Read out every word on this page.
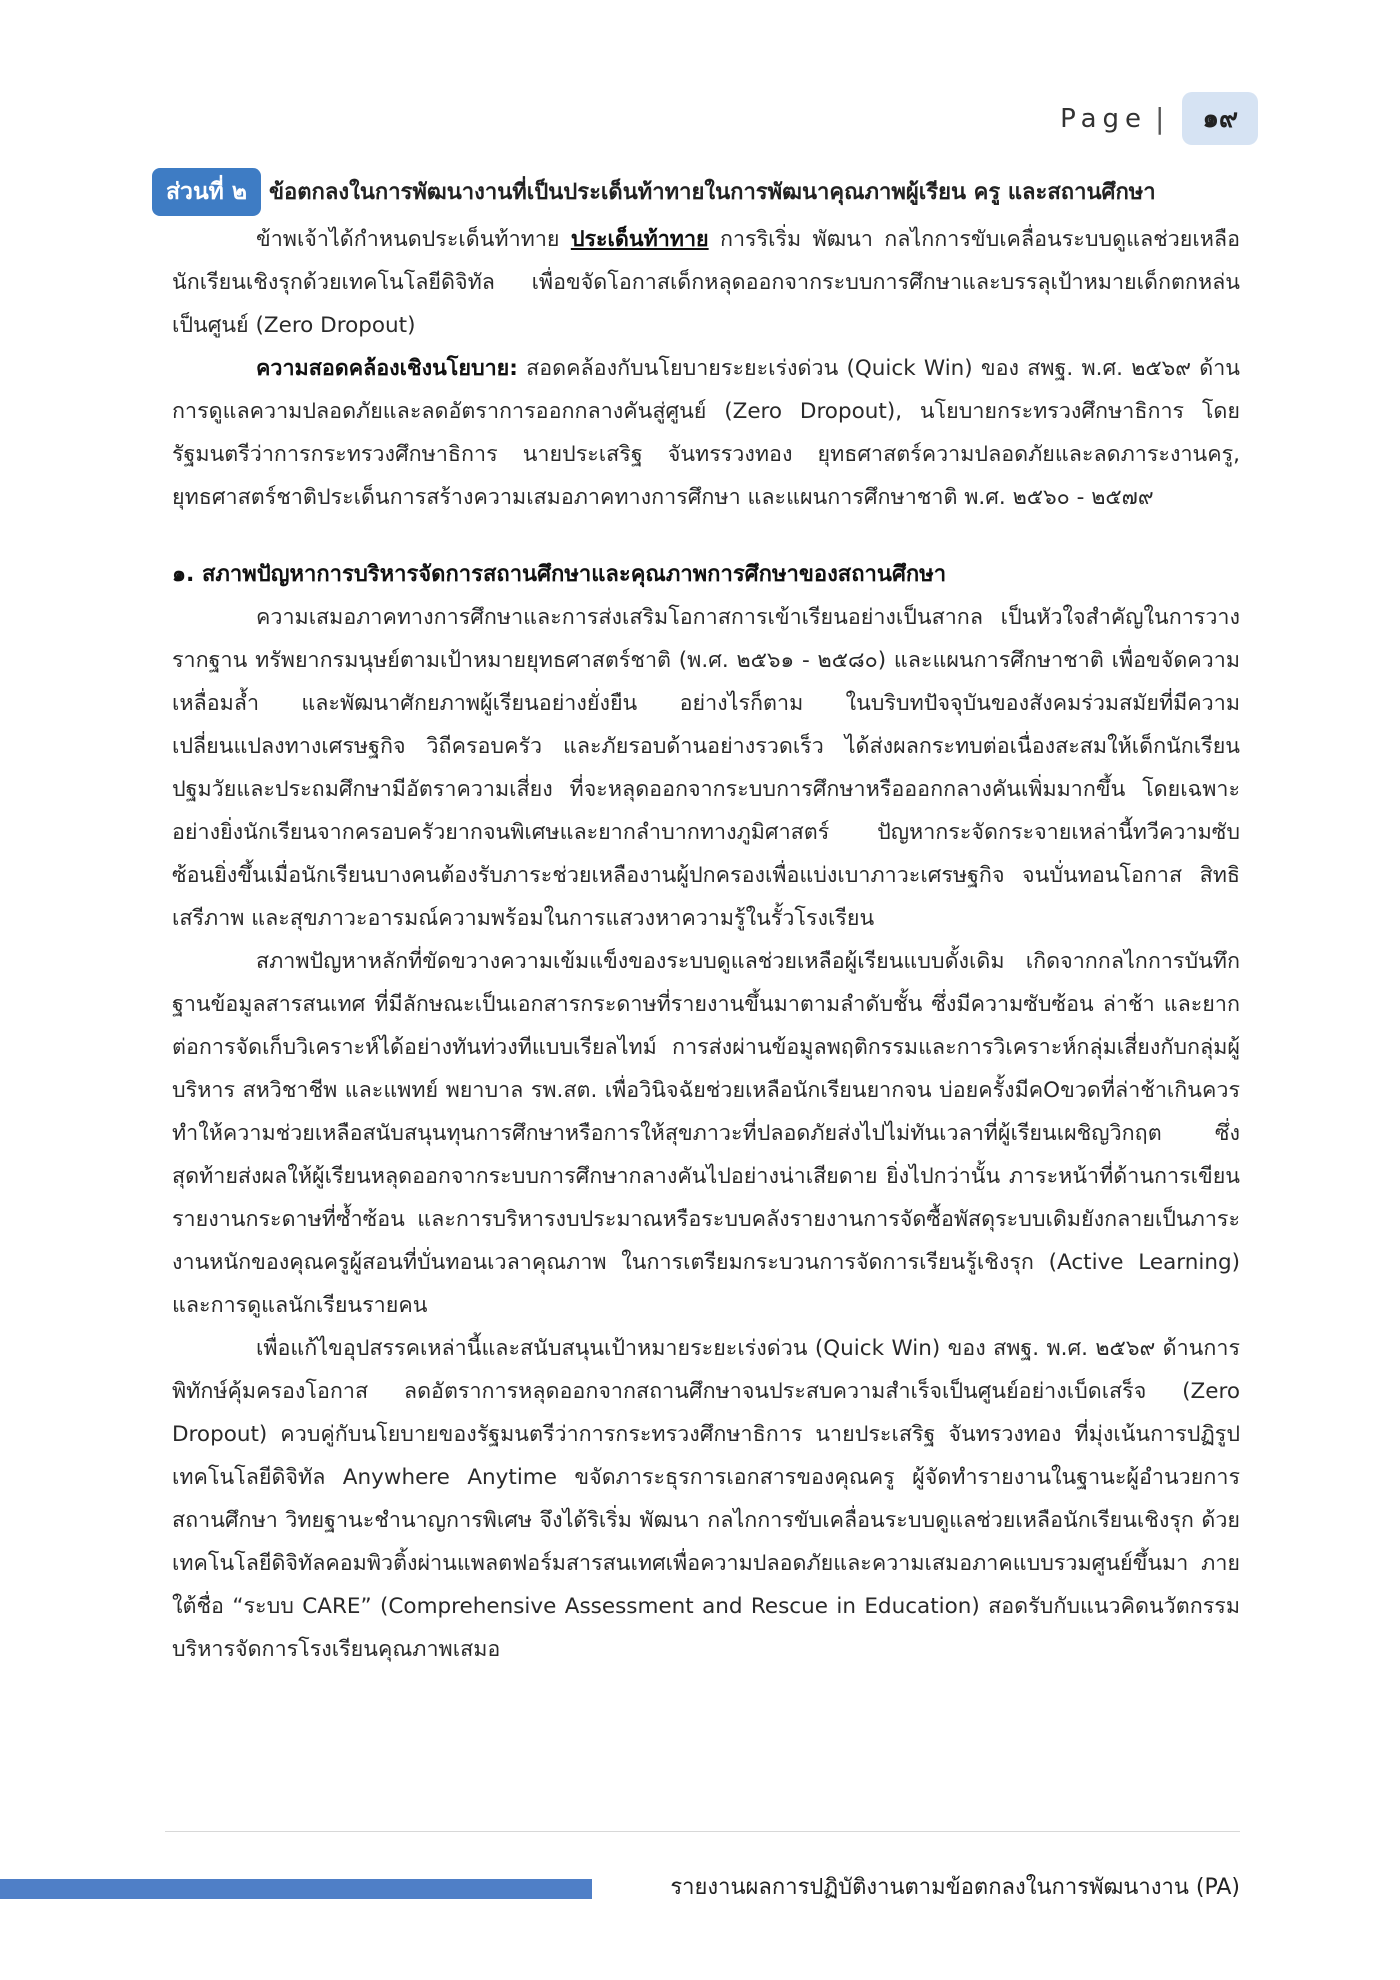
Page |	๑๙

ส่วนที่ ๒ ข้อตกลงในการพัฒนางานที่เป็นประเด็นท้าทายในการพัฒนาคุณภาพผู้เรียน ครู และสถานศึกษา

ข้าพเจ้าได้กำหนดประเด็นท้าทาย ประเด็นท้าทาย การริเริ่ม พัฒนา กลไกการขับเคลื่อนระบบดูแลช่วยเหลือนักเรียนเชิงรุกด้วยเทคโนโลยีดิจิทัล เพื่อขจัดโอกาสเด็กหลุดออกจากระบบการศึกษาและบรรลุเป้าหมายเด็กตกหล่นเป็นศูนย์ (Zero Dropout)

ความสอดคล้องเชิงนโยบาย: สอดคล้องกับนโยบายระยะเร่งด่วน (Quick Win) ของ สพฐ. พ.ศ. ๒๕๖๙ ด้านการดูแลความปลอดภัยและลดอัตราการออกกลางคันสู่ศูนย์ (Zero Dropout), นโยบายกระทรวงศึกษาธิการ โดยรัฐมนตรีว่าการกระทรวงศึกษาธิการ นายประเสริฐ จันทรรวงทอง ยุทธศาสตร์ความปลอดภัยและลดภาระงานครู, ยุทธศาสตร์ชาติประเด็นการสร้างความเสมอภาคทางการศึกษา และแผนการศึกษาชาติ พ.ศ. ๒๕๖๐ - ๒๕๗๙

๑. สภาพปัญหาการบริหารจัดการสถานศึกษาและคุณภาพการศึกษาของสถานศึกษา

ความเสมอภาคทางการศึกษาและการส่งเสริมโอกาสการเข้าเรียนอย่างเป็นสากล เป็นหัวใจสำคัญในการวางรากฐาน ทรัพยากรมนุษย์ตามเป้าหมายยุทธศาสตร์ชาติ (พ.ศ. ๒๕๖๑ - ๒๕๘๐) และแผนการศึกษาชาติ เพื่อขจัดความเหลื่อมล้ำ และพัฒนาศักยภาพผู้เรียนอย่างยั่งยืน อย่างไรก็ตาม ในบริบทปัจจุบันของสังคมร่วมสมัยที่มีความเปลี่ยนแปลงทางเศรษฐกิจ วิถีครอบครัว และภัยรอบด้านอย่างรวดเร็ว ได้ส่งผลกระทบต่อเนื่องสะสมให้เด็กนักเรียนปฐมวัยและประถมศึกษามีอัตราความเสี่ยง ที่จะหลุดออกจากระบบการศึกษาหรือออกกลางคันเพิ่มมากขึ้น โดยเฉพาะอย่างยิ่งนักเรียนจากครอบครัวยากจนพิเศษและยากลำบากทางภูมิศาสตร์ ปัญหากระจัดกระจายเหล่านี้ทวีความซับซ้อนยิ่งขึ้นเมื่อนักเรียนบางคนต้องรับภาระช่วยเหลืองานผู้ปกครองเพื่อแบ่งเบาภาวะเศรษฐกิจ จนบั่นทอนโอกาส สิทธิเสรีภาพ และสุขภาวะอารมณ์ความพร้อมในการแสวงหาความรู้ในรั้วโรงเรียน

สภาพปัญหาหลักที่ขัดขวางความเข้มแข็งของระบบดูแลช่วยเหลือผู้เรียนแบบดั้งเดิม เกิดจากกลไกการบันทึกฐานข้อมูลสารสนเทศ ที่มีลักษณะเป็นเอกสารกระดาษที่รายงานขึ้นมาตามลำดับชั้น ซึ่งมีความซับซ้อน ล่าช้า และยากต่อการจัดเก็บวิเคราะห์ได้อย่างทันท่วงทีแบบเรียลไทม์ การส่งผ่านข้อมูลพฤติกรรมและการวิเคราะห์กลุ่มเสี่ยงกับกลุ่มผู้บริหาร สหวิชาชีพ และแพทย์ พยาบาล รพ.สต. เพื่อวินิจฉัยช่วยเหลือนักเรียนยากจน บ่อยครั้งมีคOขวดที่ล่าช้าเกินควร ทำให้ความช่วยเหลือสนับสนุนทุนการศึกษาหรือการให้สุขภาวะที่ปลอดภัยส่งไปไม่ทันเวลาที่ผู้เรียนเผชิญวิกฤต ซึ่งสุดท้ายส่งผลให้ผู้เรียนหลุดออกจากระบบการศึกษากลางคันไปอย่างน่าเสียดาย ยิ่งไปกว่านั้น ภาระหน้าที่ด้านการเขียนรายงานกระดาษที่ซ้ำซ้อน และการบริหารงบประมาณหรือระบบคลังรายงานการจัดซื้อพัสดุระบบเดิมยังกลายเป็นภาระงานหนักของคุณครูผู้สอนที่บั่นทอนเวลาคุณภาพ ในการเตรียมกระบวนการจัดการเรียนรู้เชิงรุก (Active Learning) และการดูแลนักเรียนรายคน

เพื่อแก้ไขอุปสรรคเหล่านี้และสนับสนุนเป้าหมายระยะเร่งด่วน (Quick Win) ของ สพฐ. พ.ศ. ๒๕๖๙ ด้านการพิทักษ์คุ้มครองโอกาส ลดอัตราการหลุดออกจากสถานศึกษาจนประสบความสำเร็จเป็นศูนย์อย่างเบ็ดเสร็จ (Zero Dropout) ควบคู่กับนโยบายของรัฐมนตรีว่าการกระทรวงศึกษาธิการ นายประเสริฐ จันทรวงทอง ที่มุ่งเน้นการปฏิรูปเทคโนโลยีดิจิทัล Anywhere Anytime ขจัดภาระธุรการเอกสารของคุณครู ผู้จัดทำรายงานในฐานะผู้อำนวยการสถานศึกษา วิทยฐานะชำนาญการพิเศษ จึงได้ริเริ่ม พัฒนา กลไกการขับเคลื่อนระบบดูแลช่วยเหลือนักเรียนเชิงรุก ด้วยเทคโนโลยีดิจิทัลคอมพิวติ้งผ่านแพลตฟอร์มสารสนเทศเพื่อความปลอดภัยและความเสมอภาคแบบรวมศูนย์ขึ้นมา ภายใต้ชื่อ “ระบบ CARE” (Comprehensive Assessment and Rescue in Education) สอดรับกับแนวคิดนวัตกรรมบริหารจัดการโรงเรียนคุณภาพเสมอ

รายงานผลการปฏิบัติงานตามข้อตกลงในการพัฒนางาน (PA)
